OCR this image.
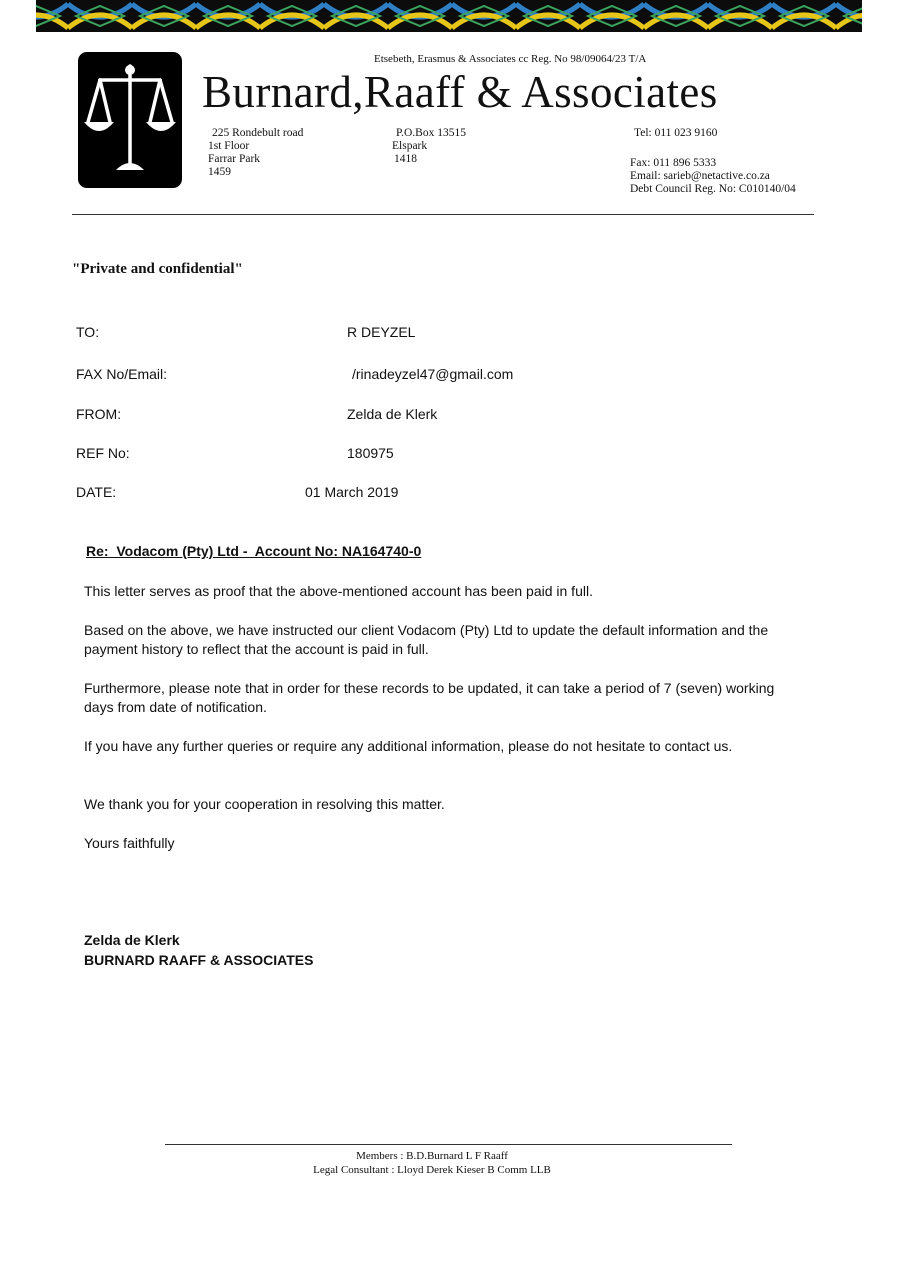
Etsebeth, Erasmus & Associates cc Reg. No 98/09064/23 T/A
Burnard,Raaff & Associates
225 Rondebult road
1st Floor
Farrar Park
1459
P.O.Box 13515
Elspark
1418
Tel: 011 023 9160
Fax: 011 896 5333
Email: sarieb@netactive.co.za
Debt Council Reg. No: C010140/04
"Private and confidential"
TO:	R DEYZEL
FAX No/Email:	/rinadeyzel47@gmail.com
FROM:	Zelda de Klerk
REF No:	180975
DATE:	01 March 2019
Re:  Vodacom (Pty) Ltd -  Account No: NA164740-0
This letter serves as proof that the above-mentioned account has been paid in full.
Based on the above, we have instructed our client Vodacom (Pty) Ltd to update the default information and the payment history to reflect that the account is paid in full.
Furthermore, please note that in order for these records to be updated, it can take a period of 7 (seven) working days from date of notification.
If you have any further queries or require any additional information, please do not hesitate to contact us.
We thank you for your cooperation in resolving this matter.
Yours faithfully
Zelda de Klerk
BURNARD RAAFF & ASSOCIATES
Members : B.D.Burnard L F Raaff
Legal Consultant : Lloyd Derek Kieser B Comm LLB
